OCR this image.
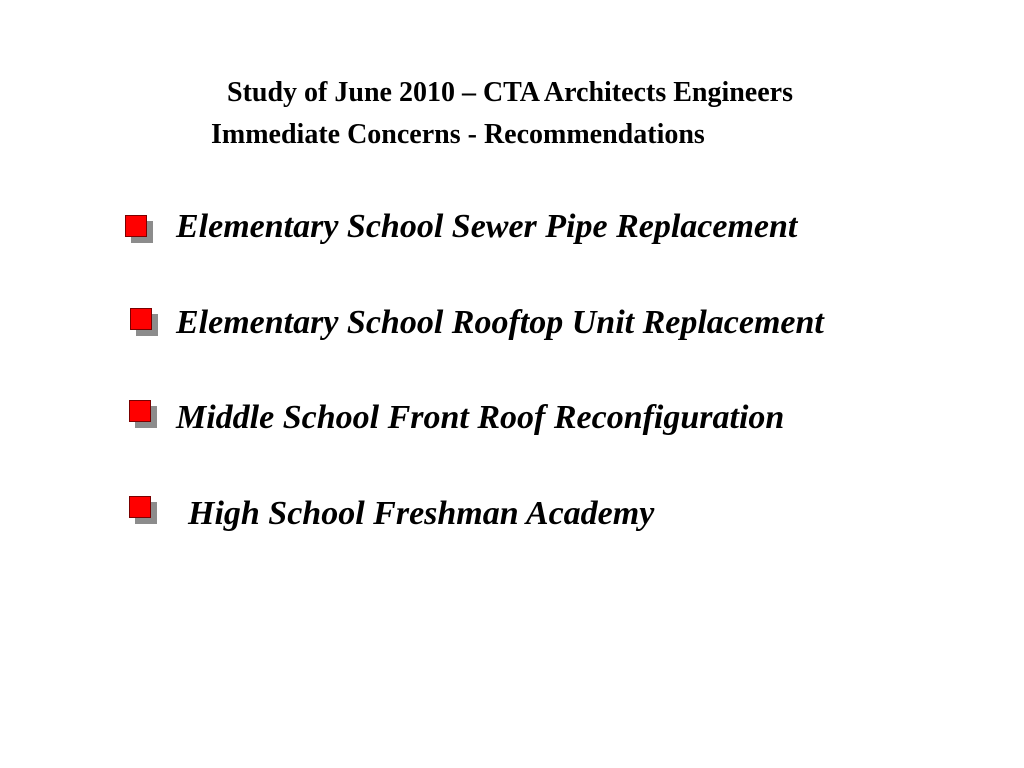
Study of June 2010 – CTA Architects Engineers
Immediate Concerns - Recommendations
Elementary School Sewer Pipe Replacement
Elementary School Rooftop Unit Replacement
Middle School Front Roof Reconfiguration
High School Freshman Academy
